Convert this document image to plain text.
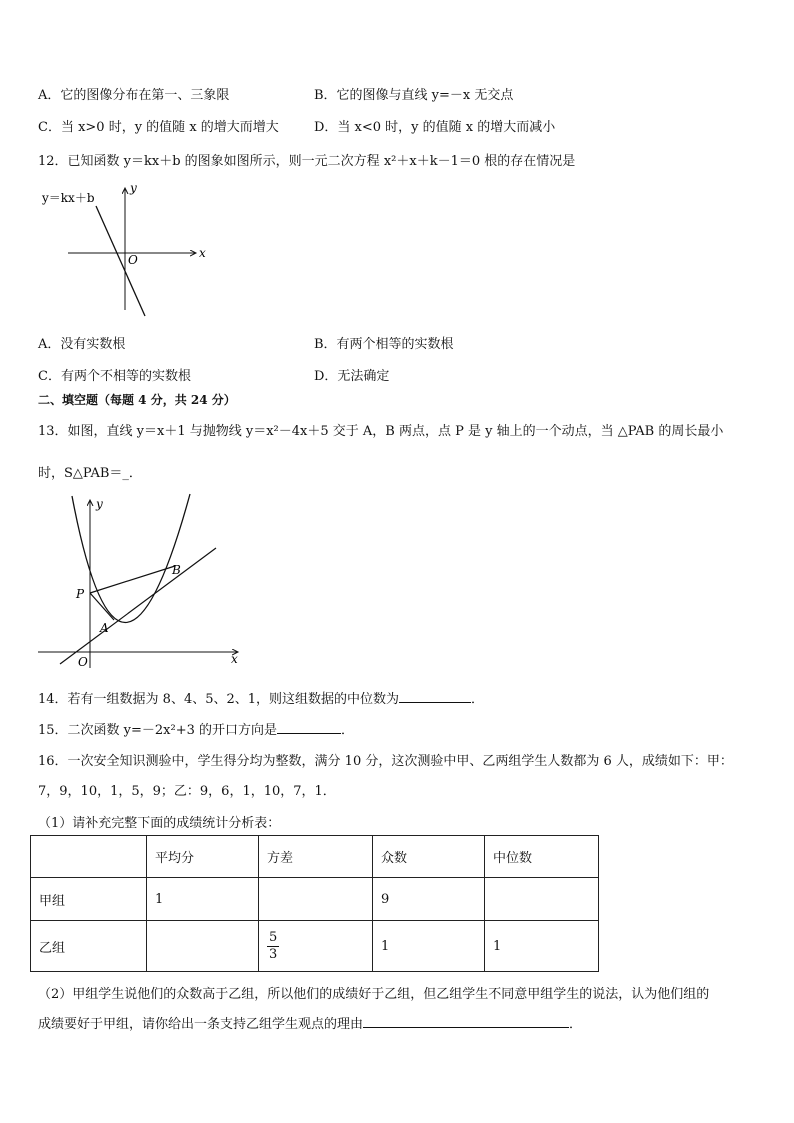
A．它的图像分布在第一、三象限	B．它的图像与直线 y=－x 无交点
C．当 x>0 时，y 的值随 x 的增大而增大	D．当 x<0 时，y 的值随 x 的增大而减小
12．已知函数 y＝kx＋b 的图象如图所示，则一元二次方程 x²＋x＋k－1＝0 根的存在情况是
y＝kx＋b
x
y
O
A．没有实数根	B．有两个相等的实数根
C．有两个不相等的实数根	D．无法确定
二、填空题（每题 4 分，共 24 分）
13．如图，直线 y＝x＋1 与抛物线 y＝x²－4x＋5 交于 A，B 两点，点 P 是 y 轴上的一个动点，当 △PAB 的周长最小
时，S△PAB＝_．
y
x
O
P
A
B
14．若有一组数据为 8、4、5、2、1，则这组数据的中位数为	．
15．二次函数 y=－2x²+3 的开口方向是	．
16．一次安全知识测验中，学生得分均为整数，满分 10 分，这次测验中甲、乙两组学生人数都为 6 人，成绩如下：甲：
7，9，10，1，5，9；乙：9，6，1，10，7，1．
（1）请补充完整下面的成绩统计分析表：
	平均分	方差	众数	中位数
甲组	1		9	
乙组		$\frac{5}{3}$	1	1
（2）甲组学生说他们的众数高于乙组，所以他们的成绩好于乙组，但乙组学生不同意甲组学生的说法，认为他们组的
成绩要好于甲组，请你给出一条支持乙组学生观点的理由	．
